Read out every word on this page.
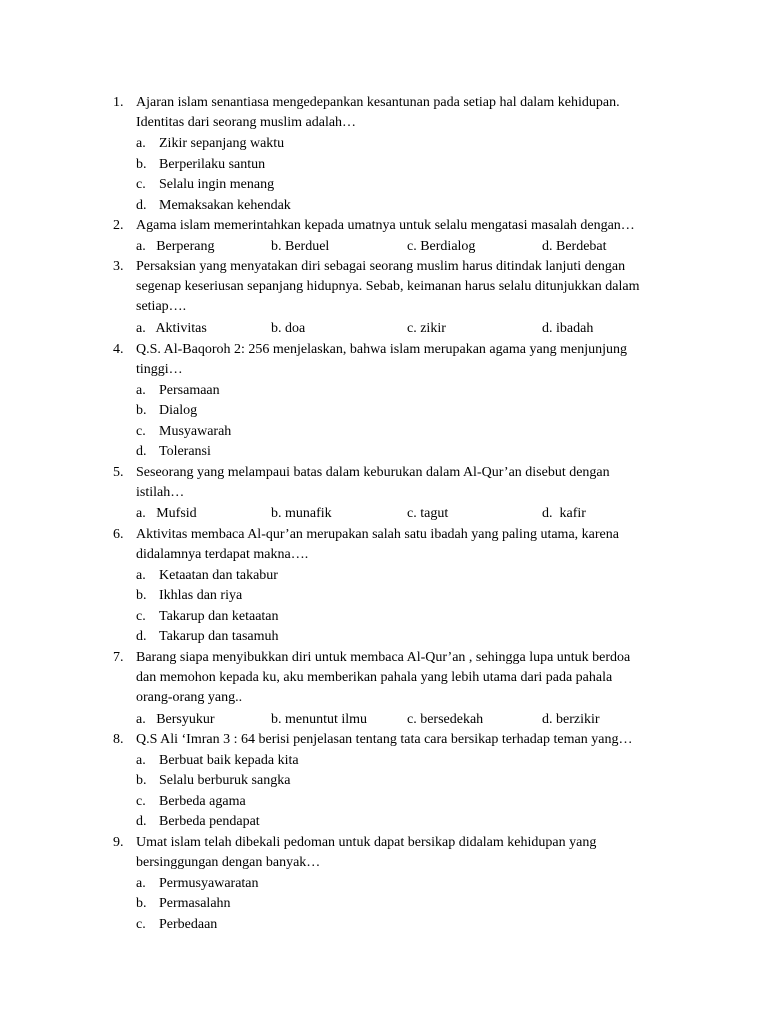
1. Ajaran islam senantiasa mengedepankan kesantunan pada setiap hal dalam kehidupan.
Identitas dari seorang muslim adalah…
a. Zikir sepanjang waktu
b. Berperilaku santun
c. Selalu ingin menang
d. Memaksakan kehendak
2. Agama islam memerintahkan kepada umatnya untuk selalu mengatasi masalah dengan…
a.   Berperang	b. Berduel	c. Berdialog	d. Berdebat
3. Persaksian yang menyatakan diri sebagai seorang muslim harus ditindak lanjuti dengan
segenap keseriusan sepanjang hidupnya. Sebab, keimanan harus selalu ditunjukkan dalam
setiap….
a.   Aktivitas	b. doa	c. zikir	d. ibadah
4. Q.S. Al-Baqoroh 2: 256 menjelaskan, bahwa islam merupakan agama yang menjunjung
tinggi…
a. Persamaan
b. Dialog
c. Musyawarah
d. Toleransi
5. Seseorang yang melampaui batas dalam keburukan dalam Al-Qur’an disebut dengan
istilah…
a.   Mufsid	b. munafik	c. tagut	d.  kafir
6. Aktivitas membaca Al-qur’an merupakan salah satu ibadah yang paling utama, karena
didalamnya terdapat makna….
a. Ketaatan dan takabur
b. Ikhlas dan riya
c. Takarup dan ketaatan
d. Takarup dan tasamuh
7. Barang siapa menyibukkan diri untuk membaca Al-Qur’an , sehingga lupa untuk berdoa
dan memohon kepada ku, aku memberikan pahala yang lebih utama dari pada pahala
orang-orang yang..
a.   Bersyukur	b. menuntut ilmu	c. bersedekah	d. berzikir
8. Q.S Ali ‘Imran 3 : 64 berisi penjelasan tentang tata cara bersikap terhadap teman yang…
a. Berbuat baik kepada kita
b. Selalu berburuk sangka
c. Berbeda agama
d. Berbeda pendapat
9. Umat islam telah dibekali pedoman untuk dapat bersikap didalam kehidupan yang
bersinggungan dengan banyak…
a. Permusyawaratan
b. Permasalahn
c. Perbedaan
